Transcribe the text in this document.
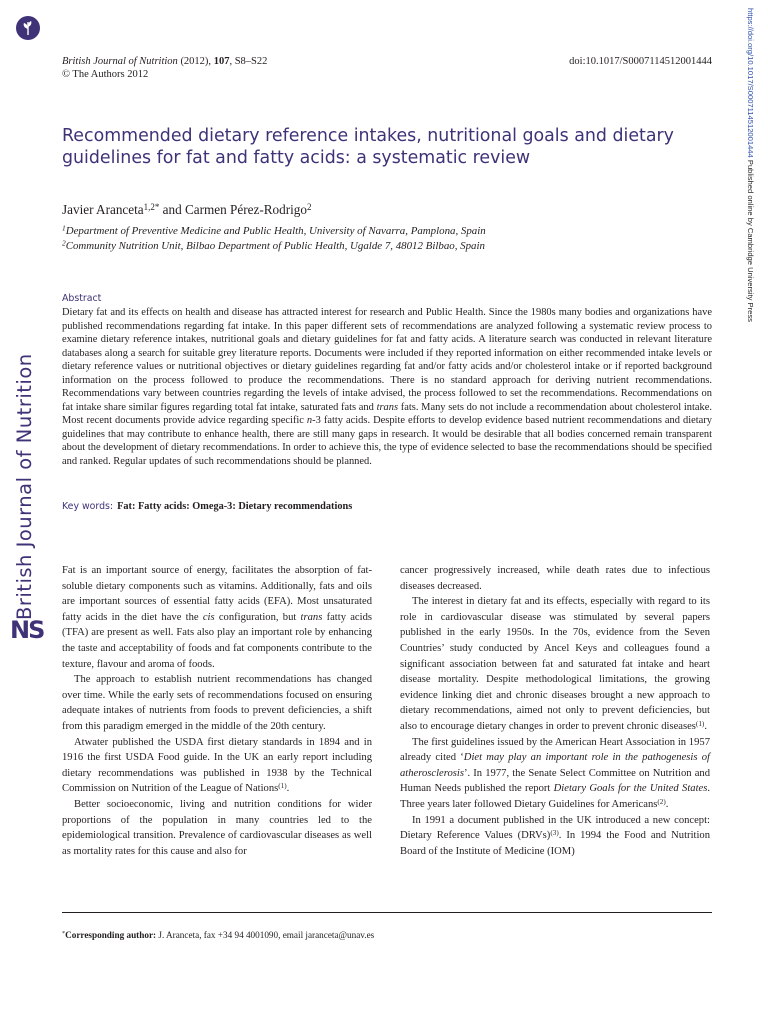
British Journal of Nutrition
NS
https://doi.org/10.1017/S0007114512001444 Published online by Cambridge University Press
British Journal of Nutrition (2012), 107, S8–S22
© The Authors 2012
doi:10.1017/S0007114512001444
Recommended dietary reference intakes, nutritional goals and dietary guidelines for fat and fatty acids: a systematic review
Javier Aranceta$^{1,2*}$ and Carmen Pérez-Rodrigo$^2$
$^1$Department of Preventive Medicine and Public Health, University of Navarra, Pamplona, Spain
$^2$Community Nutrition Unit, Bilbao Department of Public Health, Ugalde 7, 48012 Bilbao, Spain
Abstract
Dietary fat and its effects on health and disease has attracted interest for research and Public Health. Since the 1980s many bodies and organizations have published recommendations regarding fat intake. In this paper different sets of recommendations are analyzed following a systematic review process to examine dietary reference intakes, nutritional goals and dietary guidelines for fat and fatty acids. A literature search was conducted in relevant literature databases along a search for suitable grey literature reports. Documents were included if they reported information on either recommended intake levels or dietary reference values or nutritional objectives or dietary guidelines regarding fat and/or fatty acids and/or cholesterol intake or if reported background information on the process followed to produce the recommendations. There is no standard approach for deriving nutrient recommendations. Recommendations vary between countries regarding the levels of intake advised, the process followed to set the recommendations. Recommendations on fat intake share similar figures regarding total fat intake, saturated fats and trans fats. Many sets do not include a recommendation about cholesterol intake. Most recent documents provide advice regarding specific n-3 fatty acids. Despite efforts to develop evidence based nutrient recommendations and dietary guidelines that may contribute to enhance health, there are still many gaps in research. It would be desirable that all bodies concerned remain transparent about the development of dietary recommendations. In order to achieve this, the type of evidence selected to base the recommendations should be specified and ranked. Regular updates of such recommendations should be planned.
Key words: Fat: Fatty acids: Omega-3: Dietary recommendations

Fat is an important source of energy, facilitates the absorption of fat-soluble dietary components such as vitamins. Additionally, fats and oils are important sources of essential fatty acids (EFA). Most unsaturated fatty acids in the diet have the cis configuration, but trans fatty acids (TFA) are present as well. Fats also play an important role by enhancing the taste and acceptability of foods and fat components contribute to the texture, flavour and aroma of foods.

The approach to establish nutrient recommendations has changed over time. While the early sets of recommendations focused on ensuring adequate intakes of nutrients from foods to prevent deficiencies, a shift from this paradigm emerged in the middle of the 20th century.

Atwater published the USDA first dietary standards in 1894 and in 1916 the first USDA Food guide. In the UK an early report including dietary recommendations was published in 1938 by the Technical Commission on Nutrition of the League of Nations$^{(1)}$.

Better socioeconomic, living and nutrition conditions for wider proportions of the population in many countries led to the epidemiological transition. Prevalence of cardiovascular diseases as well as mortality rates for this cause and also for

cancer progressively increased, while death rates due to infectious diseases decreased.

The interest in dietary fat and its effects, especially with regard to its role in cardiovascular disease was stimulated by several papers published in the early 1950s. In the 70s, evidence from the Seven Countries’ study conducted by Ancel Keys and colleagues found a significant association between fat and saturated fat intake and heart disease mortality. Despite methodological limitations, the growing evidence linking diet and chronic diseases brought a new approach to dietary recommendations, aimed not only to prevent deficiencies, but also to encourage dietary changes in order to prevent chronic diseases$^{(1)}$.

The first guidelines issued by the American Heart Association in 1957 already cited ‘Diet may play an important role in the pathogenesis of atherosclerosis’. In 1977, the Senate Select Committee on Nutrition and Human Needs published the report Dietary Goals for the United States. Three years later followed Dietary Guidelines for Americans$^{(2)}$.

In 1991 a document published in the UK introduced a new concept: Dietary Reference Values (DRVs)$^{(3)}$. In 1994 the Food and Nutrition Board of the Institute of Medicine (IOM)

*Corresponding author: J. Aranceta, fax +34 94 4001090, email jaranceta@unav.es
